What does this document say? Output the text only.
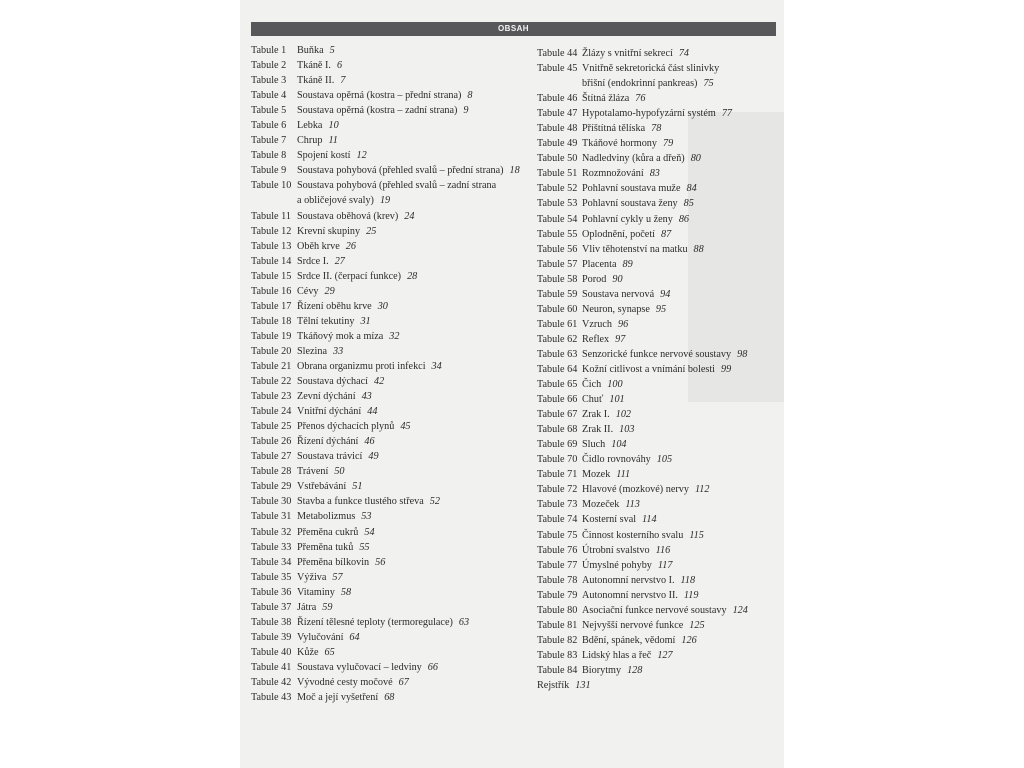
OBSAH
Tabule 1	Buňka 5
Tabule 2	Tkáně I. 6
Tabule 3	Tkáně II. 7
Tabule 4	Soustava opěrná (kostra – přední strana) 8
Tabule 5	Soustava opěrná (kostra – zadní strana) 9
Tabule 6	Lebka 10
Tabule 7	Chrup 11
Tabule 8	Spojení kostí 12
Tabule 9	Soustava pohybová (přehled svalů – přední strana) 18
Tabule 10 Soustava pohybová (přehled svalů – zadní strana
a obličejové svaly) 19
Tabule 11 Soustava oběhová (krev) 24
Tabule 12 Krevní skupiny 25
Tabule 13 Oběh krve 26
Tabule 14 Srdce I. 27
Tabule 15 Srdce II. (čerpací funkce) 28
Tabule 16 Cévy 29
Tabule 17 Řízení oběhu krve 30
Tabule 18 Tělní tekutiny 31
Tabule 19 Tkáňový mok a míza 32
Tabule 20 Slezina 33
Tabule 21 Obrana organizmu proti infekci 34
Tabule 22 Soustava dýchací 42
Tabule 23 Zevní dýchání 43
Tabule 24 Vnitřní dýchání 44
Tabule 25 Přenos dýchacích plynů 45
Tabule 26 Řízení dýchání 46
Tabule 27 Soustava trávicí 49
Tabule 28 Trávení 50
Tabule 29 Vstřebávání 51
Tabule 30 Stavba a funkce tlustého střeva 52
Tabule 31 Metabolizmus 53
Tabule 32 Přeměna cukrů 54
Tabule 33 Přeměna tuků 55
Tabule 34 Přeměna bílkovin 56
Tabule 35 Výživa 57
Tabule 36 Vitaminy 58
Tabule 37 Játra 59
Tabule 38 Řízení tělesné teploty (termoregulace) 63
Tabule 39 Vylučování 64
Tabule 40 Kůže 65
Tabule 41 Soustava vylučovací – ledviny 66
Tabule 42 Vývodné cesty močové 67
Tabule 43 Moč a její vyšetření 68
Tabule 44 Žlázy s vnitřní sekrecí 74
Tabule 45 Vnitřně sekretorická část slinivky
břišní (endokrinní pankreas) 75
Tabule 46 Štítná žláza 76
Tabule 47 Hypotalamo-hypofyzární systém 77
Tabule 48 Příštítná tělíska 78
Tabule 49 Tkáňové hormony 79
Tabule 50 Nadledviny (kůra a dřeň) 80
Tabule 51 Rozmnožování 83
Tabule 52 Pohlavní soustava muže 84
Tabule 53 Pohlavní soustava ženy 85
Tabule 54 Pohlavní cykly u ženy 86
Tabule 55 Oplodnění, početí 87
Tabule 56 Vliv těhotenství na matku 88
Tabule 57 Placenta 89
Tabule 58 Porod 90
Tabule 59 Soustava nervová 94
Tabule 60 Neuron, synapse 95
Tabule 61 Vzruch 96
Tabule 62 Reflex 97
Tabule 63 Senzorické funkce nervové soustavy 98
Tabule 64 Kožní citlivost a vnímání bolesti 99
Tabule 65 Čich 100
Tabule 66 Chuť 101
Tabule 67 Zrak I. 102
Tabule 68 Zrak II. 103
Tabule 69 Sluch 104
Tabule 70 Čidlo rovnováhy 105
Tabule 71 Mozek 111
Tabule 72 Hlavové (mozkové) nervy 112
Tabule 73 Mozeček 113
Tabule 74 Kosterní sval 114
Tabule 75 Činnost kosterního svalu 115
Tabule 76 Útrobní svalstvo 116
Tabule 77 Úmyslné pohyby 117
Tabule 78 Autonomní nervstvo I. 118
Tabule 79 Autonomní nervstvo II. 119
Tabule 80 Asociační funkce nervové soustavy 124
Tabule 81 Nejvyšší nervové funkce 125
Tabule 82 Bdění, spánek, vědomí 126
Tabule 83 Lidský hlas a řeč 127
Tabule 84 Biorytmy 128
Rejstřík 131
